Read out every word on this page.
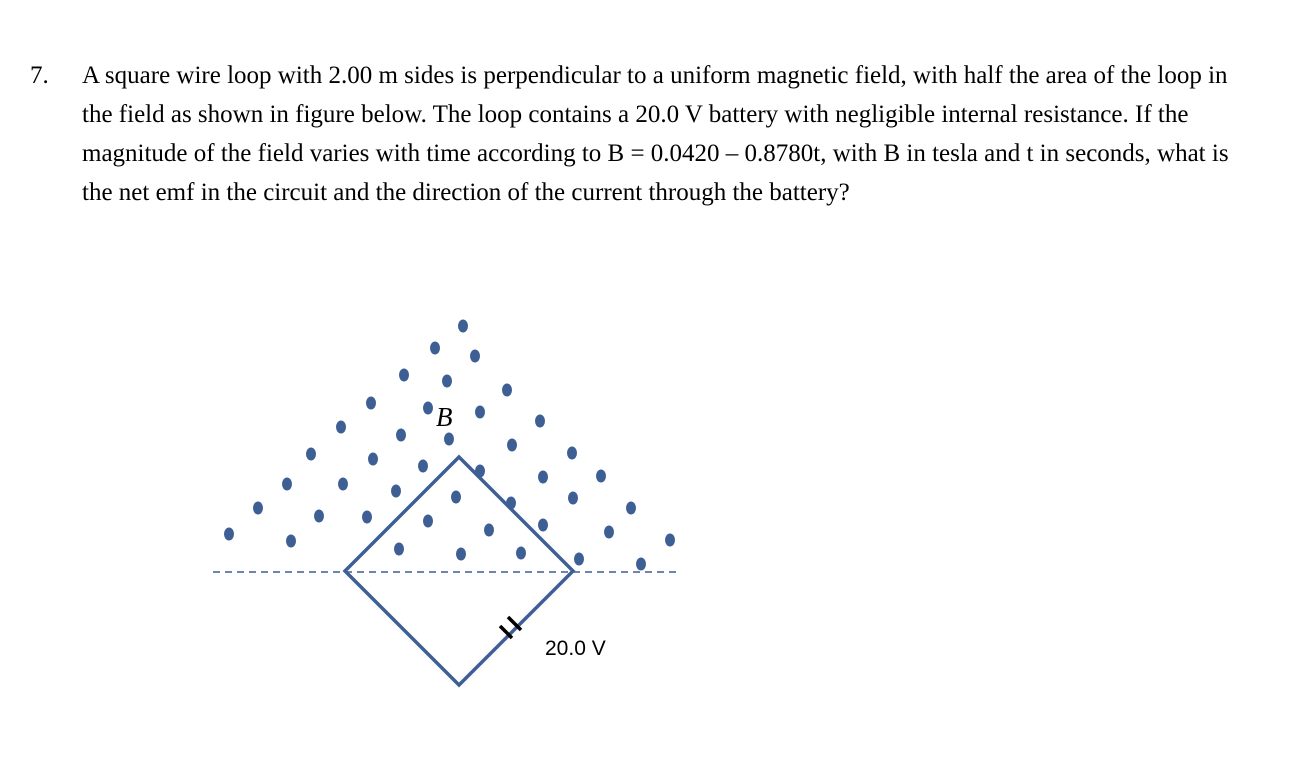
7. A square wire loop with 2.00 m sides is perpendicular to a uniform magnetic field, with half the area of the loop in the field as shown in figure below. The loop contains a 20.0 V battery with negligible internal resistance. If the magnitude of the field varies with time according to B = 0.0420 – 0.8780t, with B in tesla and t in seconds, what is the net emf in the circuit and the direction of the current through the battery?
B
20.0 V
